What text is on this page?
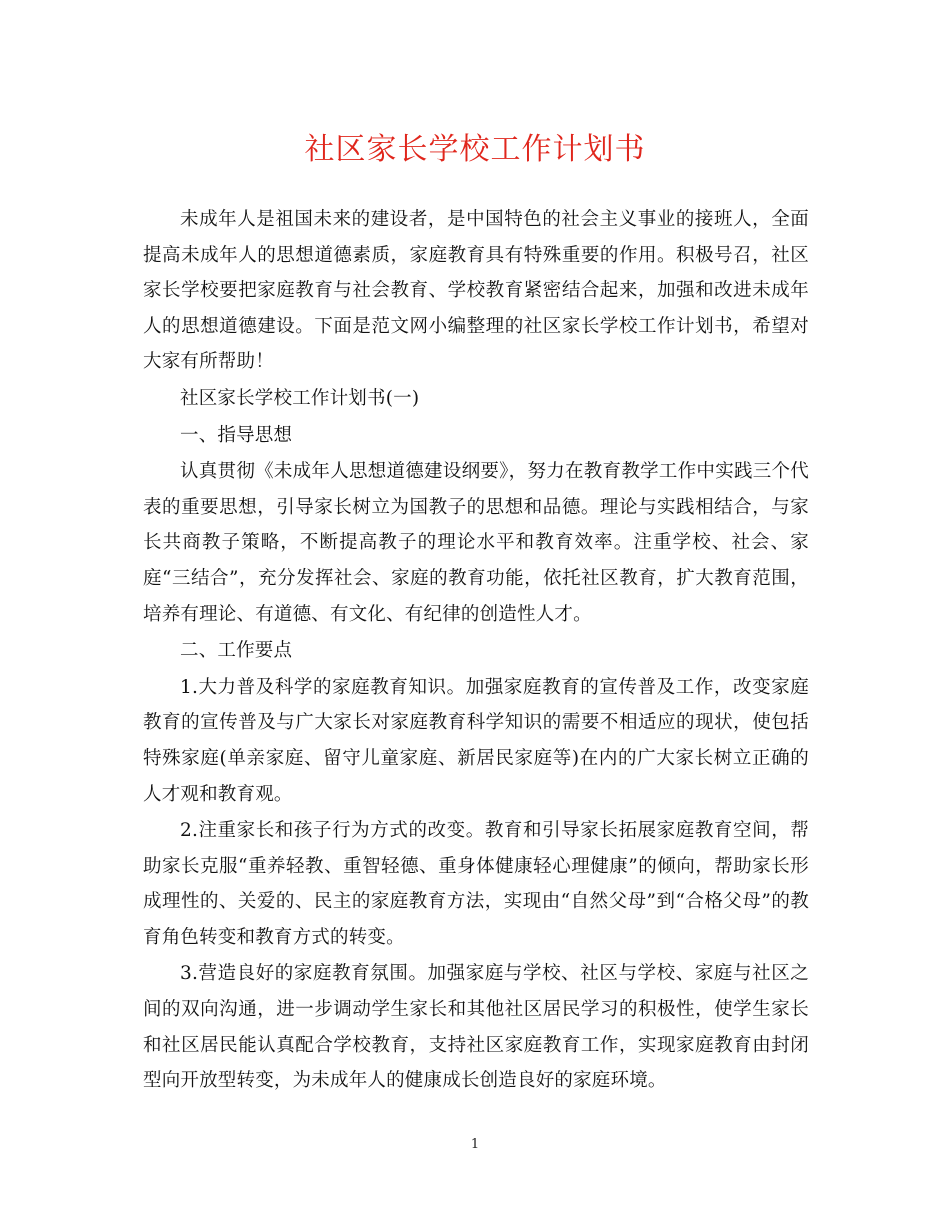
社区家长学校工作计划书

未成年人是祖国未来的建设者，是中国特色的社会主义事业的接班人，全面提高未成年人的思想道德素质，家庭教育具有特殊重要的作用。积极号召，社区家长学校要把家庭教育与社会教育、学校教育紧密结合起来，加强和改进未成年人的思想道德建设。下面是范文网小编整理的社区家长学校工作计划书，希望对大家有所帮助！

社区家长学校工作计划书(一)

一、指导思想

认真贯彻《未成年人思想道德建设纲要》，努力在教育教学工作中实践三个代表的重要思想，引导家长树立为国教子的思想和品德。理论与实践相结合，与家长共商教子策略，不断提高教子的理论水平和教育效率。注重学校、社会、家庭“三结合”，充分发挥社会、家庭的教育功能，依托社区教育，扩大教育范围，培养有理论、有道德、有文化、有纪律的创造性人才。

二、工作要点

1.大力普及科学的家庭教育知识。加强家庭教育的宣传普及工作，改变家庭教育的宣传普及与广大家长对家庭教育科学知识的需要不相适应的现状，使包括特殊家庭(单亲家庭、留守儿童家庭、新居民家庭等)在内的广大家长树立正确的人才观和教育观。

2.注重家长和孩子行为方式的改变。教育和引导家长拓展家庭教育空间，帮助家长克服“重养轻教、重智轻德、重身体健康轻心理健康”的倾向，帮助家长形成理性的、关爱的、民主的家庭教育方法，实现由“自然父母”到“合格父母”的教育角色转变和教育方式的转变。

3.营造良好的家庭教育氛围。加强家庭与学校、社区与学校、家庭与社区之间的双向沟通，进一步调动学生家长和其他社区居民学习的积极性，使学生家长和社区居民能认真配合学校教育，支持社区家庭教育工作，实现家庭教育由封闭型向开放型转变，为未成年人的健康成长创造良好的家庭环境。

1
